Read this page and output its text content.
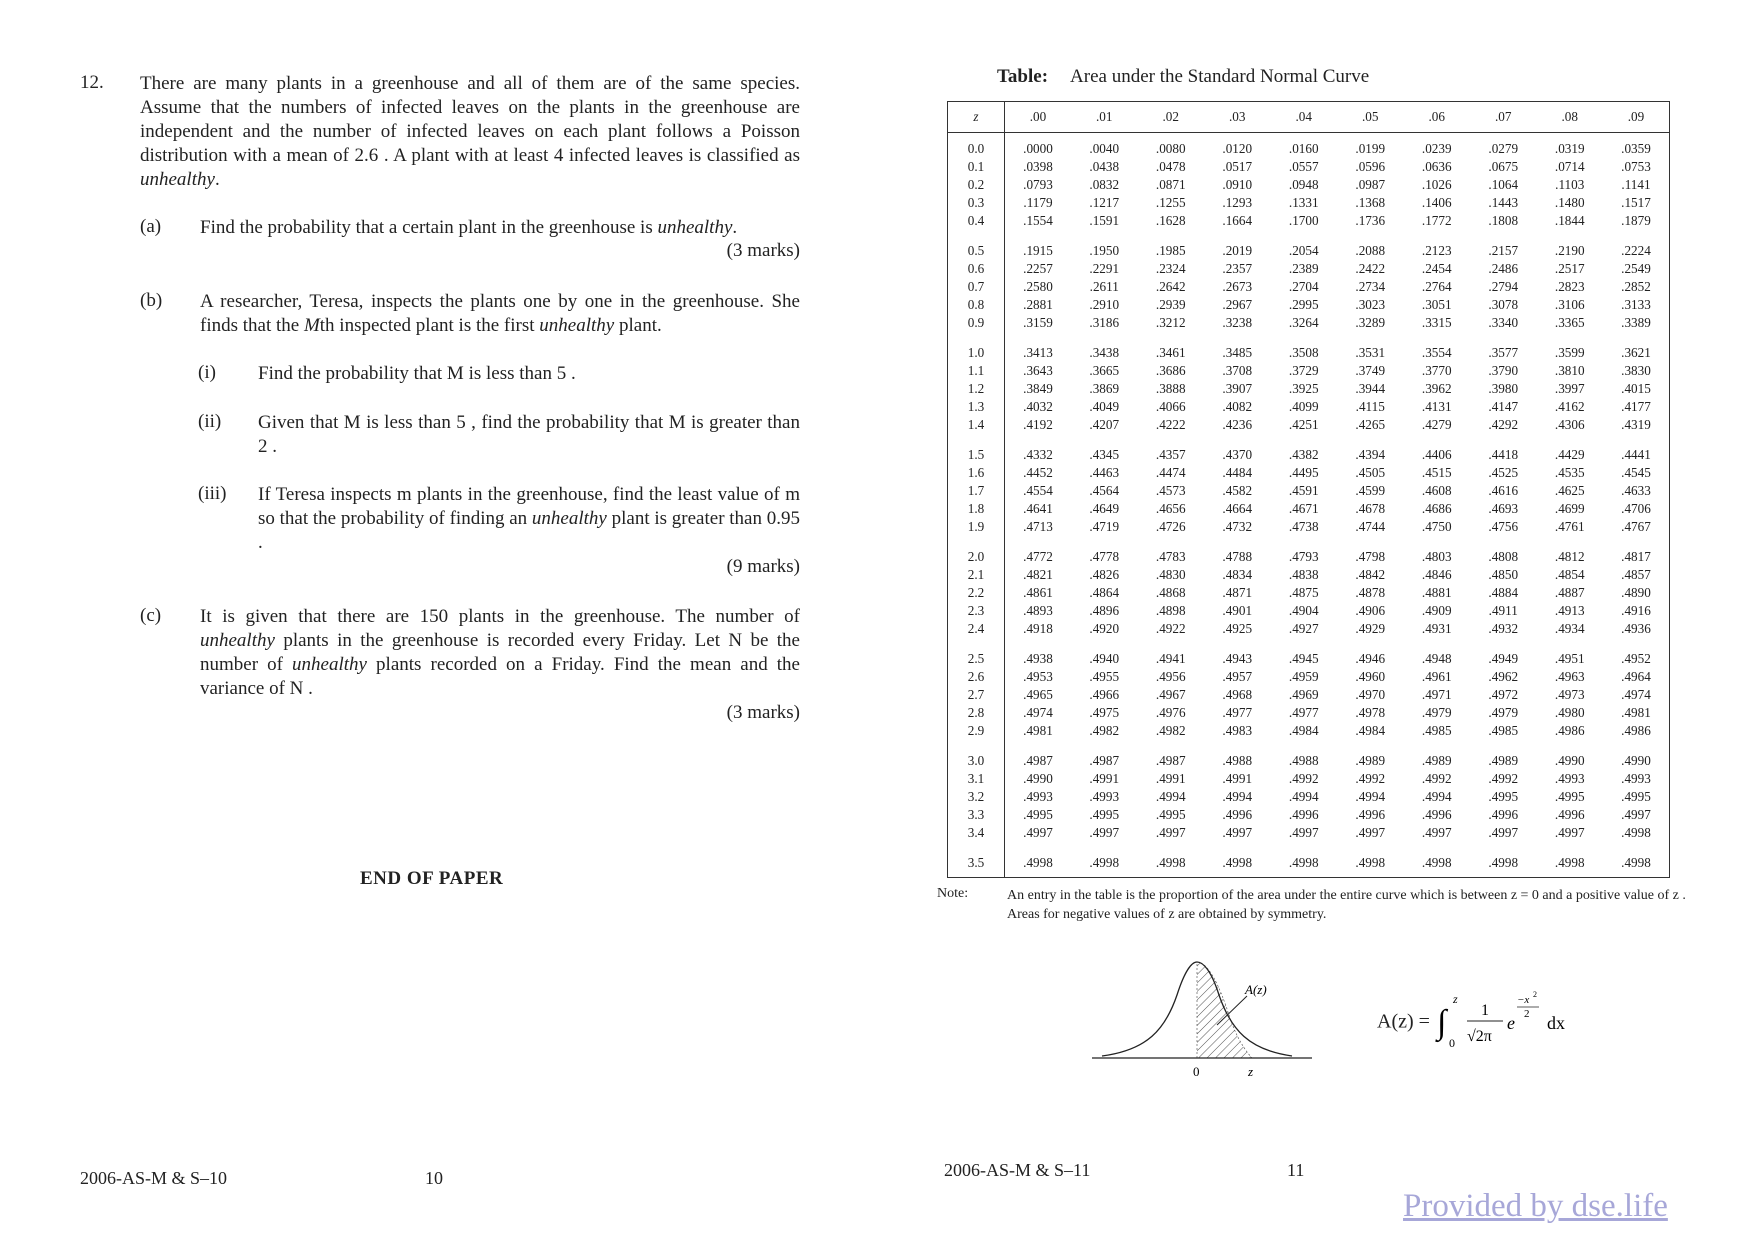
12. There are many plants in a greenhouse and all of them are of the same species. Assume that the numbers of infected leaves on the plants in the greenhouse are independent and the number of infected leaves on each plant follows a Poisson distribution with a mean of 2.6 . A plant with at least 4 infected leaves is classified as unhealthy.
(a) Find the probability that a certain plant in the greenhouse is unhealthy.
(3 marks)
(b) A researcher, Teresa, inspects the plants one by one in the greenhouse. She finds that the Mth inspected plant is the first unhealthy plant.
(i) Find the probability that M is less than 5 .
(ii) Given that M is less than 5 , find the probability that M is greater than 2 .
(iii) If Teresa inspects m plants in the greenhouse, find the least value of m so that the probability of finding an unhealthy plant is greater than 0.95 .
(9 marks)
(c) It is given that there are 150 plants in the greenhouse. The number of unhealthy plants in the greenhouse is recorded every Friday. Let N be the number of unhealthy plants recorded on a Friday. Find the mean and the variance of N .
(3 marks)
END OF PAPER
2006-AS-M & S–10	10
Table: Area under the Standard Normal Curve
z	.00	.01	.02	.03	.04	.05	.06	.07	.08	.09
0.0	.0000	.0040	.0080	.0120	.0160	.0199	.0239	.0279	.0319	.0359
0.1	.0398	.0438	.0478	.0517	.0557	.0596	.0636	.0675	.0714	.0753
0.2	.0793	.0832	.0871	.0910	.0948	.0987	.1026	.1064	.1103	.1141
0.3	.1179	.1217	.1255	.1293	.1331	.1368	.1406	.1443	.1480	.1517
0.4	.1554	.1591	.1628	.1664	.1700	.1736	.1772	.1808	.1844	.1879
0.5	.1915	.1950	.1985	.2019	.2054	.2088	.2123	.2157	.2190	.2224
0.6	.2257	.2291	.2324	.2357	.2389	.2422	.2454	.2486	.2517	.2549
0.7	.2580	.2611	.2642	.2673	.2704	.2734	.2764	.2794	.2823	.2852
0.8	.2881	.2910	.2939	.2967	.2995	.3023	.3051	.3078	.3106	.3133
0.9	.3159	.3186	.3212	.3238	.3264	.3289	.3315	.3340	.3365	.3389
1.0	.3413	.3438	.3461	.3485	.3508	.3531	.3554	.3577	.3599	.3621
1.1	.3643	.3665	.3686	.3708	.3729	.3749	.3770	.3790	.3810	.3830
1.2	.3849	.3869	.3888	.3907	.3925	.3944	.3962	.3980	.3997	.4015
1.3	.4032	.4049	.4066	.4082	.4099	.4115	.4131	.4147	.4162	.4177
1.4	.4192	.4207	.4222	.4236	.4251	.4265	.4279	.4292	.4306	.4319
1.5	.4332	.4345	.4357	.4370	.4382	.4394	.4406	.4418	.4429	.4441
1.6	.4452	.4463	.4474	.4484	.4495	.4505	.4515	.4525	.4535	.4545
1.7	.4554	.4564	.4573	.4582	.4591	.4599	.4608	.4616	.4625	.4633
1.8	.4641	.4649	.4656	.4664	.4671	.4678	.4686	.4693	.4699	.4706
1.9	.4713	.4719	.4726	.4732	.4738	.4744	.4750	.4756	.4761	.4767
2.0	.4772	.4778	.4783	.4788	.4793	.4798	.4803	.4808	.4812	.4817
2.1	.4821	.4826	.4830	.4834	.4838	.4842	.4846	.4850	.4854	.4857
2.2	.4861	.4864	.4868	.4871	.4875	.4878	.4881	.4884	.4887	.4890
2.3	.4893	.4896	.4898	.4901	.4904	.4906	.4909	.4911	.4913	.4916
2.4	.4918	.4920	.4922	.4925	.4927	.4929	.4931	.4932	.4934	.4936
2.5	.4938	.4940	.4941	.4943	.4945	.4946	.4948	.4949	.4951	.4952
2.6	.4953	.4955	.4956	.4957	.4959	.4960	.4961	.4962	.4963	.4964
2.7	.4965	.4966	.4967	.4968	.4969	.4970	.4971	.4972	.4973	.4974
2.8	.4974	.4975	.4976	.4977	.4977	.4978	.4979	.4979	.4980	.4981
2.9	.4981	.4982	.4982	.4983	.4984	.4984	.4985	.4985	.4986	.4986
3.0	.4987	.4987	.4987	.4988	.4988	.4989	.4989	.4989	.4990	.4990
3.1	.4990	.4991	.4991	.4991	.4992	.4992	.4992	.4992	.4993	.4993
3.2	.4993	.4993	.4994	.4994	.4994	.4994	.4994	.4995	.4995	.4995
3.3	.4995	.4995	.4995	.4996	.4996	.4996	.4996	.4996	.4996	.4997
3.4	.4997	.4997	.4997	.4997	.4997	.4997	.4997	.4997	.4997	.4998
3.5	.4998	.4998	.4998	.4998	.4998	.4998	.4998	.4998	.4998	.4998
Note:	An entry in the table is the proportion of the area under the entire curve which is between z = 0 and a positive value of z . Areas for negative values of z are obtained by symmetry.
A(z)
0	z
A(z) = ∫
z
0
1
√2π
e
−x 2
2 dx
2006-AS-M & S–11	11
Provided by dse.life
